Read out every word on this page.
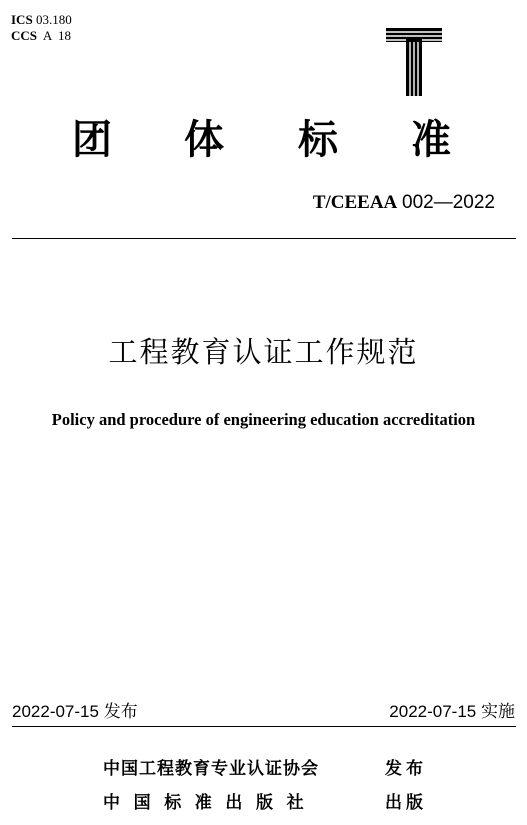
ICS 03.180
CCS A  18
团 体 标 准
T/CEEAA 002—2022
工程教育认证工作规范
Policy and procedure of engineering education accreditation
2022-07-15 发布	2022-07-15 实施
中国工程教育专业认证协会	发布
中国标准出版社	出版
